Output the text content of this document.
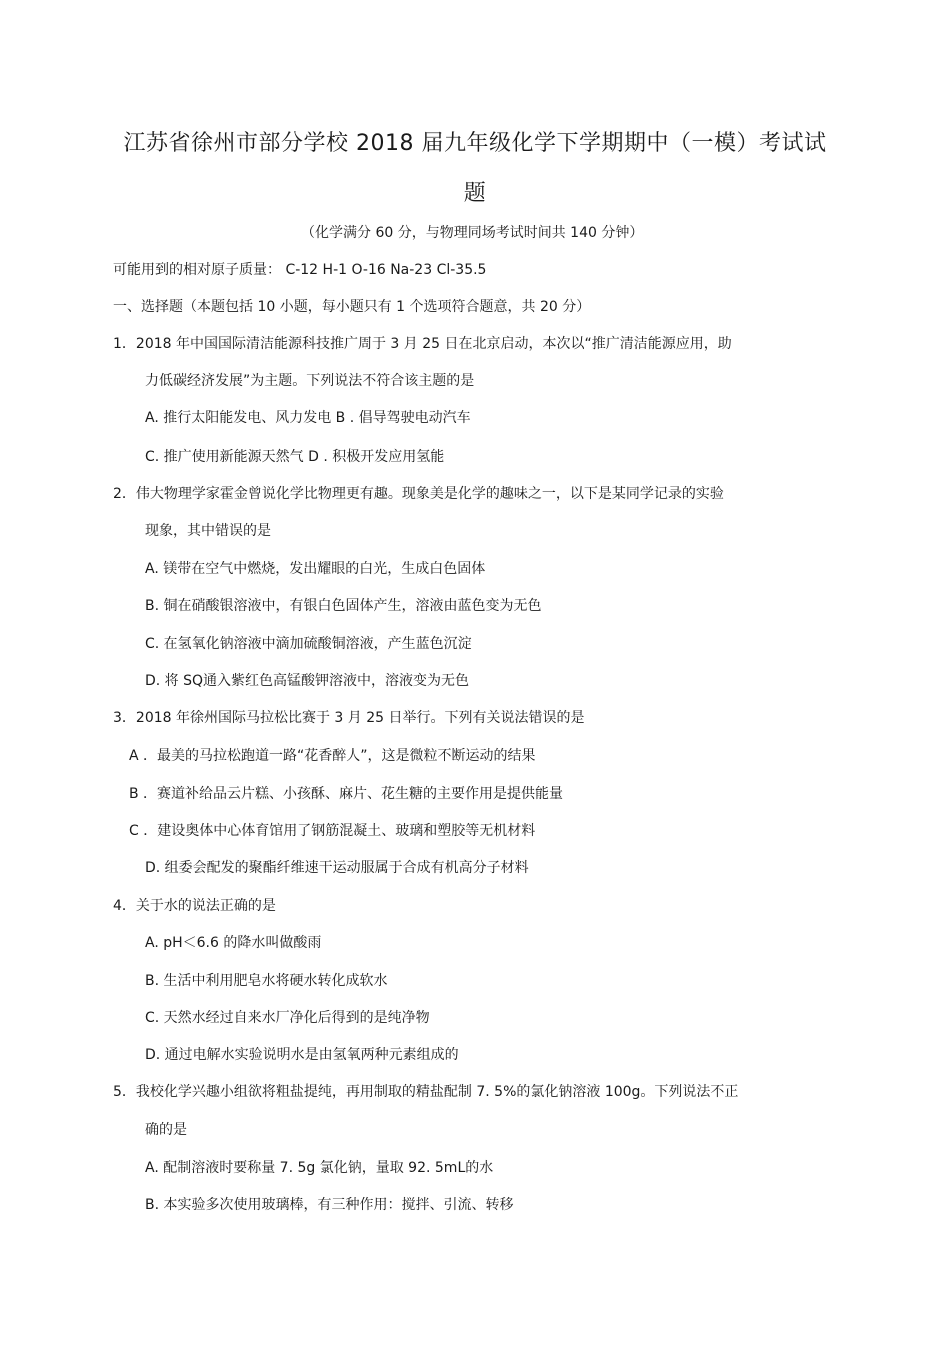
江苏省徐州市部分学校 2018 届九年级化学下学期期中（一模）考试试
题
（化学满分 60 分，与物理同场考试时间共 140 分钟）
可能用到的相对原子质量： C-12 H-1 O-16 Na-23 Cl-35.5
一、选择题（本题包括 10 小题，每小题只有 1 个选项符合题意，共 20 分）
1．2018 年中国国际清洁能源科技推广周于 3 月 25 日在北京启动，本次以“推广清洁能源应用，助
力低碳经济发展”为主题。下列说法不符合该主题的是
A. 推行太阳能发电、风力发电 B . 倡导驾驶电动汽车
C. 推广使用新能源天然气 D . 积极开发应用氢能
2．伟大物理学家霍金曾说化学比物理更有趣。现象美是化学的趣味之一，以下是某同学记录的实验
现象，其中错误的是
A. 镁带在空气中燃烧，发出耀眼的白光，生成白色固体
B. 铜在硝酸银溶液中，有银白色固体产生，溶液由蓝色变为无色
C. 在氢氧化钠溶液中滴加硫酸铜溶液，产生蓝色沉淀
D. 将 SQ通入紫红色高锰酸钾溶液中，溶液变为无色
3．2018 年徐州国际马拉松比赛于 3 月 25 日举行。下列有关说法错误的是
A ．最美的马拉松跑道一路“花香醉人”，这是微粒不断运动的结果
B ．赛道补给品云片糕、小孩酥、麻片、花生糖的主要作用是提供能量
C ．建设奥体中心体育馆用了钢筋混凝土、玻璃和塑胶等无机材料
D. 组委会配发的聚酯纤维速干运动服属于合成有机高分子材料
4．关于水的说法正确的是
A. pH＜6.6 的降水叫做酸雨
B. 生活中利用肥皂水将硬水转化成软水
C. 天然水经过自来水厂净化后得到的是纯净物
D. 通过电解水实验说明水是由氢氧两种元素组成的
5．我校化学兴趣小组欲将粗盐提纯，再用制取的精盐配制 7. 5%的氯化钠溶液 100g。下列说法不正
确的是
A. 配制溶液时要称量 7. 5g 氯化钠，量取 92. 5mL的水
B. 本实验多次使用玻璃棒，有三种作用：搅拌、引流、转移
